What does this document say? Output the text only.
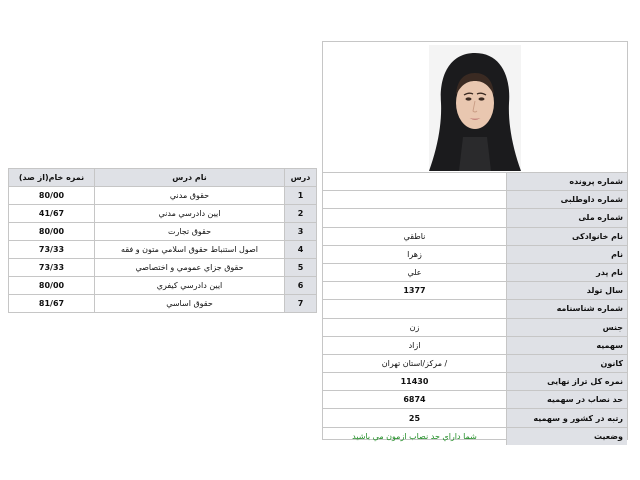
نمره خام(از صد)	نام درس	درس
80/00	حقوق مدني	1
41/67	ايين دادرسي مدني	2
80/00	حقوق تجارت	3
73/33	اصول استنباط حقوق اسلامي متون و فقه	4
73/33	حقوق جزاي عمومي و اختصاصي	5
80/00	ايين دادرسي كيفري	6
81/67	حقوق اساسي	7
	شماره پرونده
	شماره داوطلبی
	شماره ملی
ناطقي	نام خانوادکی
زهرا	نام
علي	نام پدر
1377	سال تولد
	شماره شناسنامه
زن	جنس
ازاد	سهمیه
/ مركز/استان تهران	کانون
11430	نمره کل تراز نهایی
6874	حد نصاب در سهمیه
25	رتبه در کشور و سهمیه
شما داراي حد نصاب ازمون مي باشيد	وضعیت
